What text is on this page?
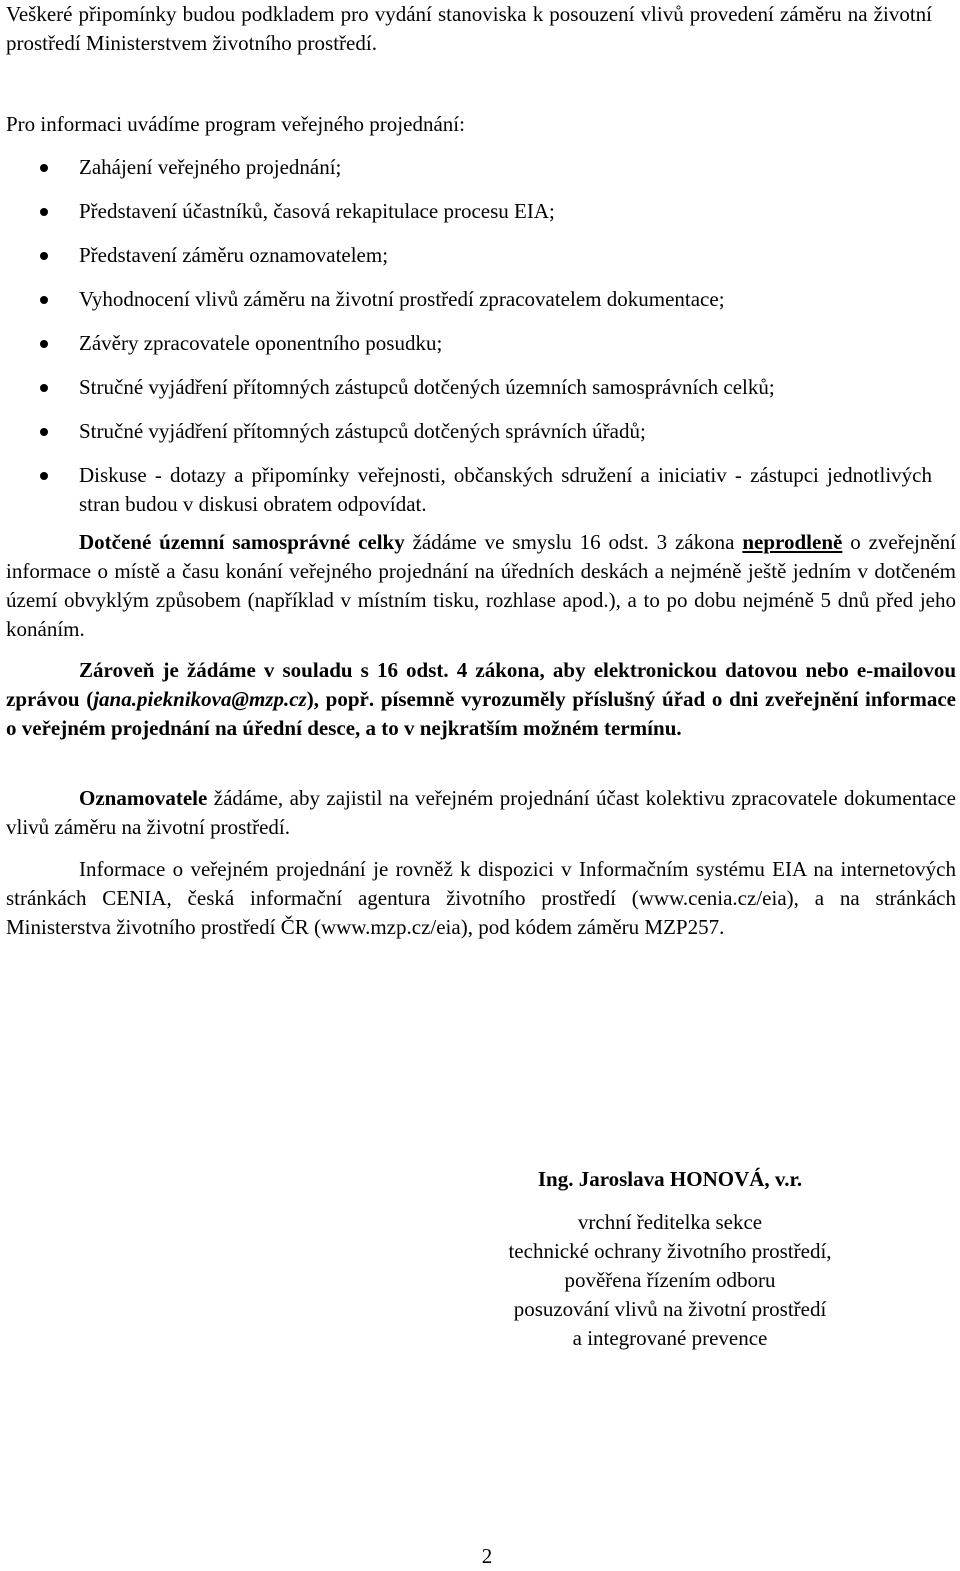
Veškeré připomínky budou podkladem pro vydání stanoviska k posouzení vlivů provedení záměru na životní prostředí Ministerstvem životního prostředí.

Pro informaci uvádíme program veřejného projednání:

Zahájení veřejného projednání;
Představení účastníků, časová rekapitulace procesu EIA;
Představení záměru oznamovatelem;
Vyhodnocení vlivů záměru na životní prostředí zpracovatelem dokumentace;
Závěry zpracovatele oponentního posudku;
Stručné vyjádření přítomných zástupců dotčených územních samosprávních celků;
Stručné vyjádření přítomných zástupců dotčených správních úřadů;
Diskuse - dotazy a připomínky veřejnosti, občanských sdružení a iniciativ - zástupci jednotlivých stran budou v diskusi obratem odpovídat.

Dotčené územní samosprávné celky žádáme ve smyslu 16 odst. 3 zákona neprodleně o zveřejnění informace o místě a času konání veřejného projednání na úředních deskách a nejméně ještě jedním v dotčeném území obvyklým způsobem (například v místním tisku, rozhlase apod.), a to po dobu nejméně 5 dnů před jeho konáním.

Zároveň je žádáme v souladu s 16 odst. 4 zákona, aby elektronickou datovou nebo e-mailovou zprávou (jana.pieknikova@mzp.cz), popř. písemně vyrozuměly příslušný úřad o dni zveřejnění informace o veřejném projednání na úřední desce, a to v nejkratším možném termínu.

Oznamovatele žádáme, aby zajistil na veřejném projednání účast kolektivu zpracovatele dokumentace vlivů záměru na životní prostředí.

Informace o veřejném projednání je rovněž k dispozici v Informačním systému EIA na internetových stránkách CENIA, česká informační agentura životního prostředí (www.cenia.cz/eia), a na stránkách Ministerstva životního prostředí ČR (www.mzp.cz/eia), pod kódem záměru MZP257.

Ing. Jaroslava HONOVÁ, v.r.

vrchní ředitelka sekce

technické ochrany životního prostředí,

pověřena řízením odboru

posuzování vlivů na životní prostředí

a integrované prevence

2
